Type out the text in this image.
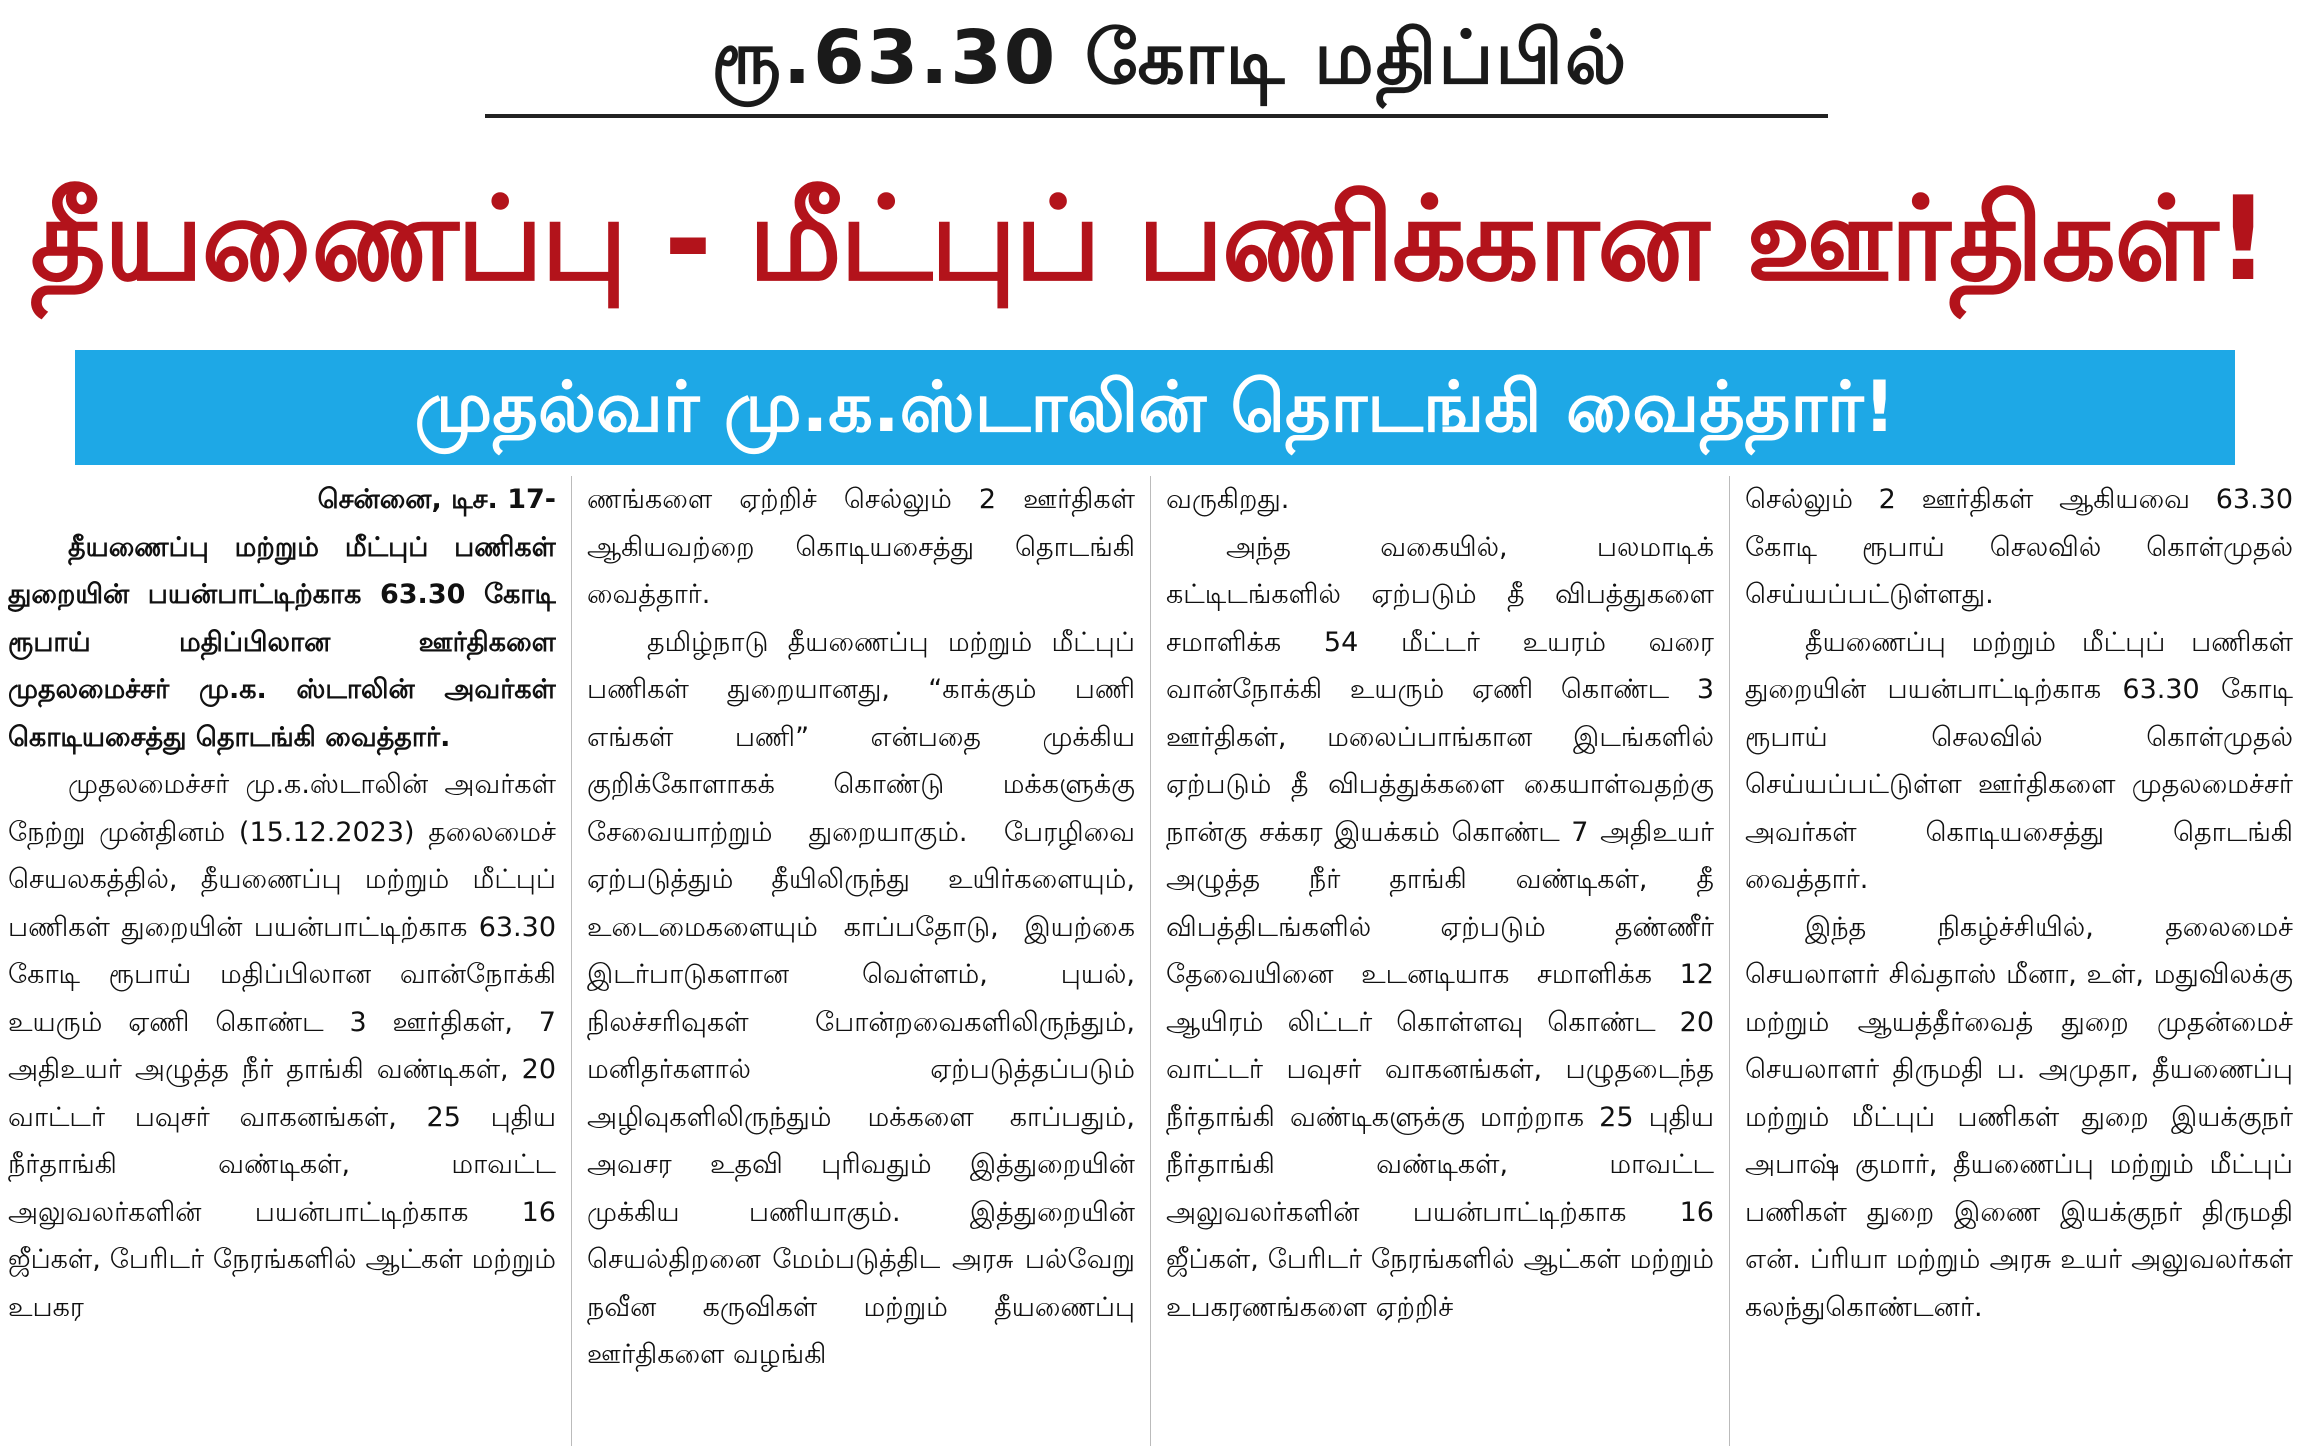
ரூ.63.30 கோடி மதிப்பில்
தீயணைப்பு - மீட்புப் பணிக்கான ஊர்திகள்!
முதல்வர் மு.க.ஸ்டாலின் தொடங்கி வைத்தார்!

சென்னை, டிச. 17-

தீயணைப்பு மற்றும் மீட்புப் பணிகள் துறையின் பயன்பாட்டிற்காக 63.30 கோடி ரூபாய் மதிப்பிலான ஊர்திகளை முதலமைச்சர் மு.க. ஸ்டாலின் அவர்கள் கொடியசைத்து தொடங்கி வைத்தார்.

முதலமைச்சர் மு.க.ஸ்டாலின் அவர்கள் நேற்று முன்தினம் (15.12.2023) தலைமைச் செயலகத்தில், தீயணைப்பு மற்றும் மீட்புப் பணிகள் துறையின் பயன்பாட்டிற்காக 63.30 கோடி ரூபாய் மதிப்பிலான வான்நோக்கி உயரும் ஏணி கொண்ட 3 ஊர்திகள், 7 அதிஉயர் அழுத்த நீர் தாங்கி வண்டிகள், 20 வாட்டர் பவுசர் வாகனங்கள், 25 புதிய நீர்தாங்கி வண்டிகள், மாவட்ட அலுவலர்களின் பயன்பாட்டிற்காக 16 ஜீப்கள், பேரிடர் நேரங்களில் ஆட்கள் மற்றும் உபகர

ணங்களை ஏற்றிச் செல்லும் 2 ஊர்திகள் ஆகியவற்றை கொடியசைத்து தொடங்கி வைத்தார்.

தமிழ்நாடு தீயணைப்பு மற்றும் மீட்புப் பணிகள் துறையானது, “காக்கும் பணி எங்கள் பணி” என்பதை முக்கிய குறிக்கோளாகக் கொண்டு மக்களுக்கு சேவையாற்றும் துறையாகும். பேரழிவை ஏற்படுத்தும் தீயிலிருந்து உயிர்களையும், உடைமைகளையும் காப்பதோடு, இயற்கை இடர்பாடுகளான வெள்ளம், புயல், நிலச்சரிவுகள் போன்றவைகளிலிருந்தும், மனிதர்களால் ஏற்படுத்தப்படும் அழிவுகளிலிருந்தும் மக்களை காப்பதும், அவசர உதவி புரிவதும் இத்துறையின் முக்கிய பணியாகும். இத்துறையின் செயல்திறனை மேம்படுத்திட அரசு பல்வேறு நவீன கருவிகள் மற்றும் தீயணைப்பு ஊர்திகளை வழங்கி

வருகிறது.

அந்த வகையில், பலமாடிக் கட்டிடங்களில் ஏற்படும் தீ விபத்துகளை சமாளிக்க 54 மீட்டர் உயரம் வரை வான்நோக்கி உயரும் ஏணி கொண்ட 3 ஊர்திகள், மலைப்பாங்கான இடங்களில் ஏற்படும் தீ விபத்துக்களை கையாள்வதற்கு நான்கு சக்கர இயக்கம் கொண்ட 7 அதிஉயர் அழுத்த நீர் தாங்கி வண்டிகள், தீ விபத்திடங்களில் ஏற்படும் தண்ணீர் தேவையினை உடனடியாக சமாளிக்க 12 ஆயிரம் லிட்டர் கொள்ளவு கொண்ட 20 வாட்டர் பவுசர் வாகனங்கள், பழுதடைந்த நீர்தாங்கி வண்டிகளுக்கு மாற்றாக 25 புதிய நீர்தாங்கி வண்டிகள், மாவட்ட அலுவலர்களின் பயன்பாட்டிற்காக 16 ஜீப்கள், பேரிடர் நேரங்களில் ஆட்கள் மற்றும் உபகரணங்களை ஏற்றிச்

செல்லும் 2 ஊர்திகள் ஆகியவை 63.30 கோடி ரூபாய் செலவில் கொள்முதல் செய்யப்பட்டுள்ளது.

தீயணைப்பு மற்றும் மீட்புப் பணிகள் துறையின் பயன்பாட்டிற்காக 63.30 கோடி ரூபாய் செலவில் கொள்முதல் செய்யப்பட்டுள்ள ஊர்திகளை முதலமைச்சர் அவர்கள் கொடியசைத்து தொடங்கி வைத்தார்.

இந்த நிகழ்ச்சியில், தலைமைச் செயலாளர் சிவ்தாஸ் மீனா, உள், மதுவிலக்கு மற்றும் ஆயத்தீர்வைத் துறை முதன்மைச் செயலாளர் திருமதி ப. அமுதா, தீயணைப்பு மற்றும் மீட்புப் பணிகள் துறை இயக்குநர் அபாஷ் குமார், தீயணைப்பு மற்றும் மீட்புப் பணிகள் துறை இணை இயக்குநர் திருமதி என். ப்ரியா மற்றும் அரசு உயர் அலுவலர்கள் கலந்துகொண்டனர்.
